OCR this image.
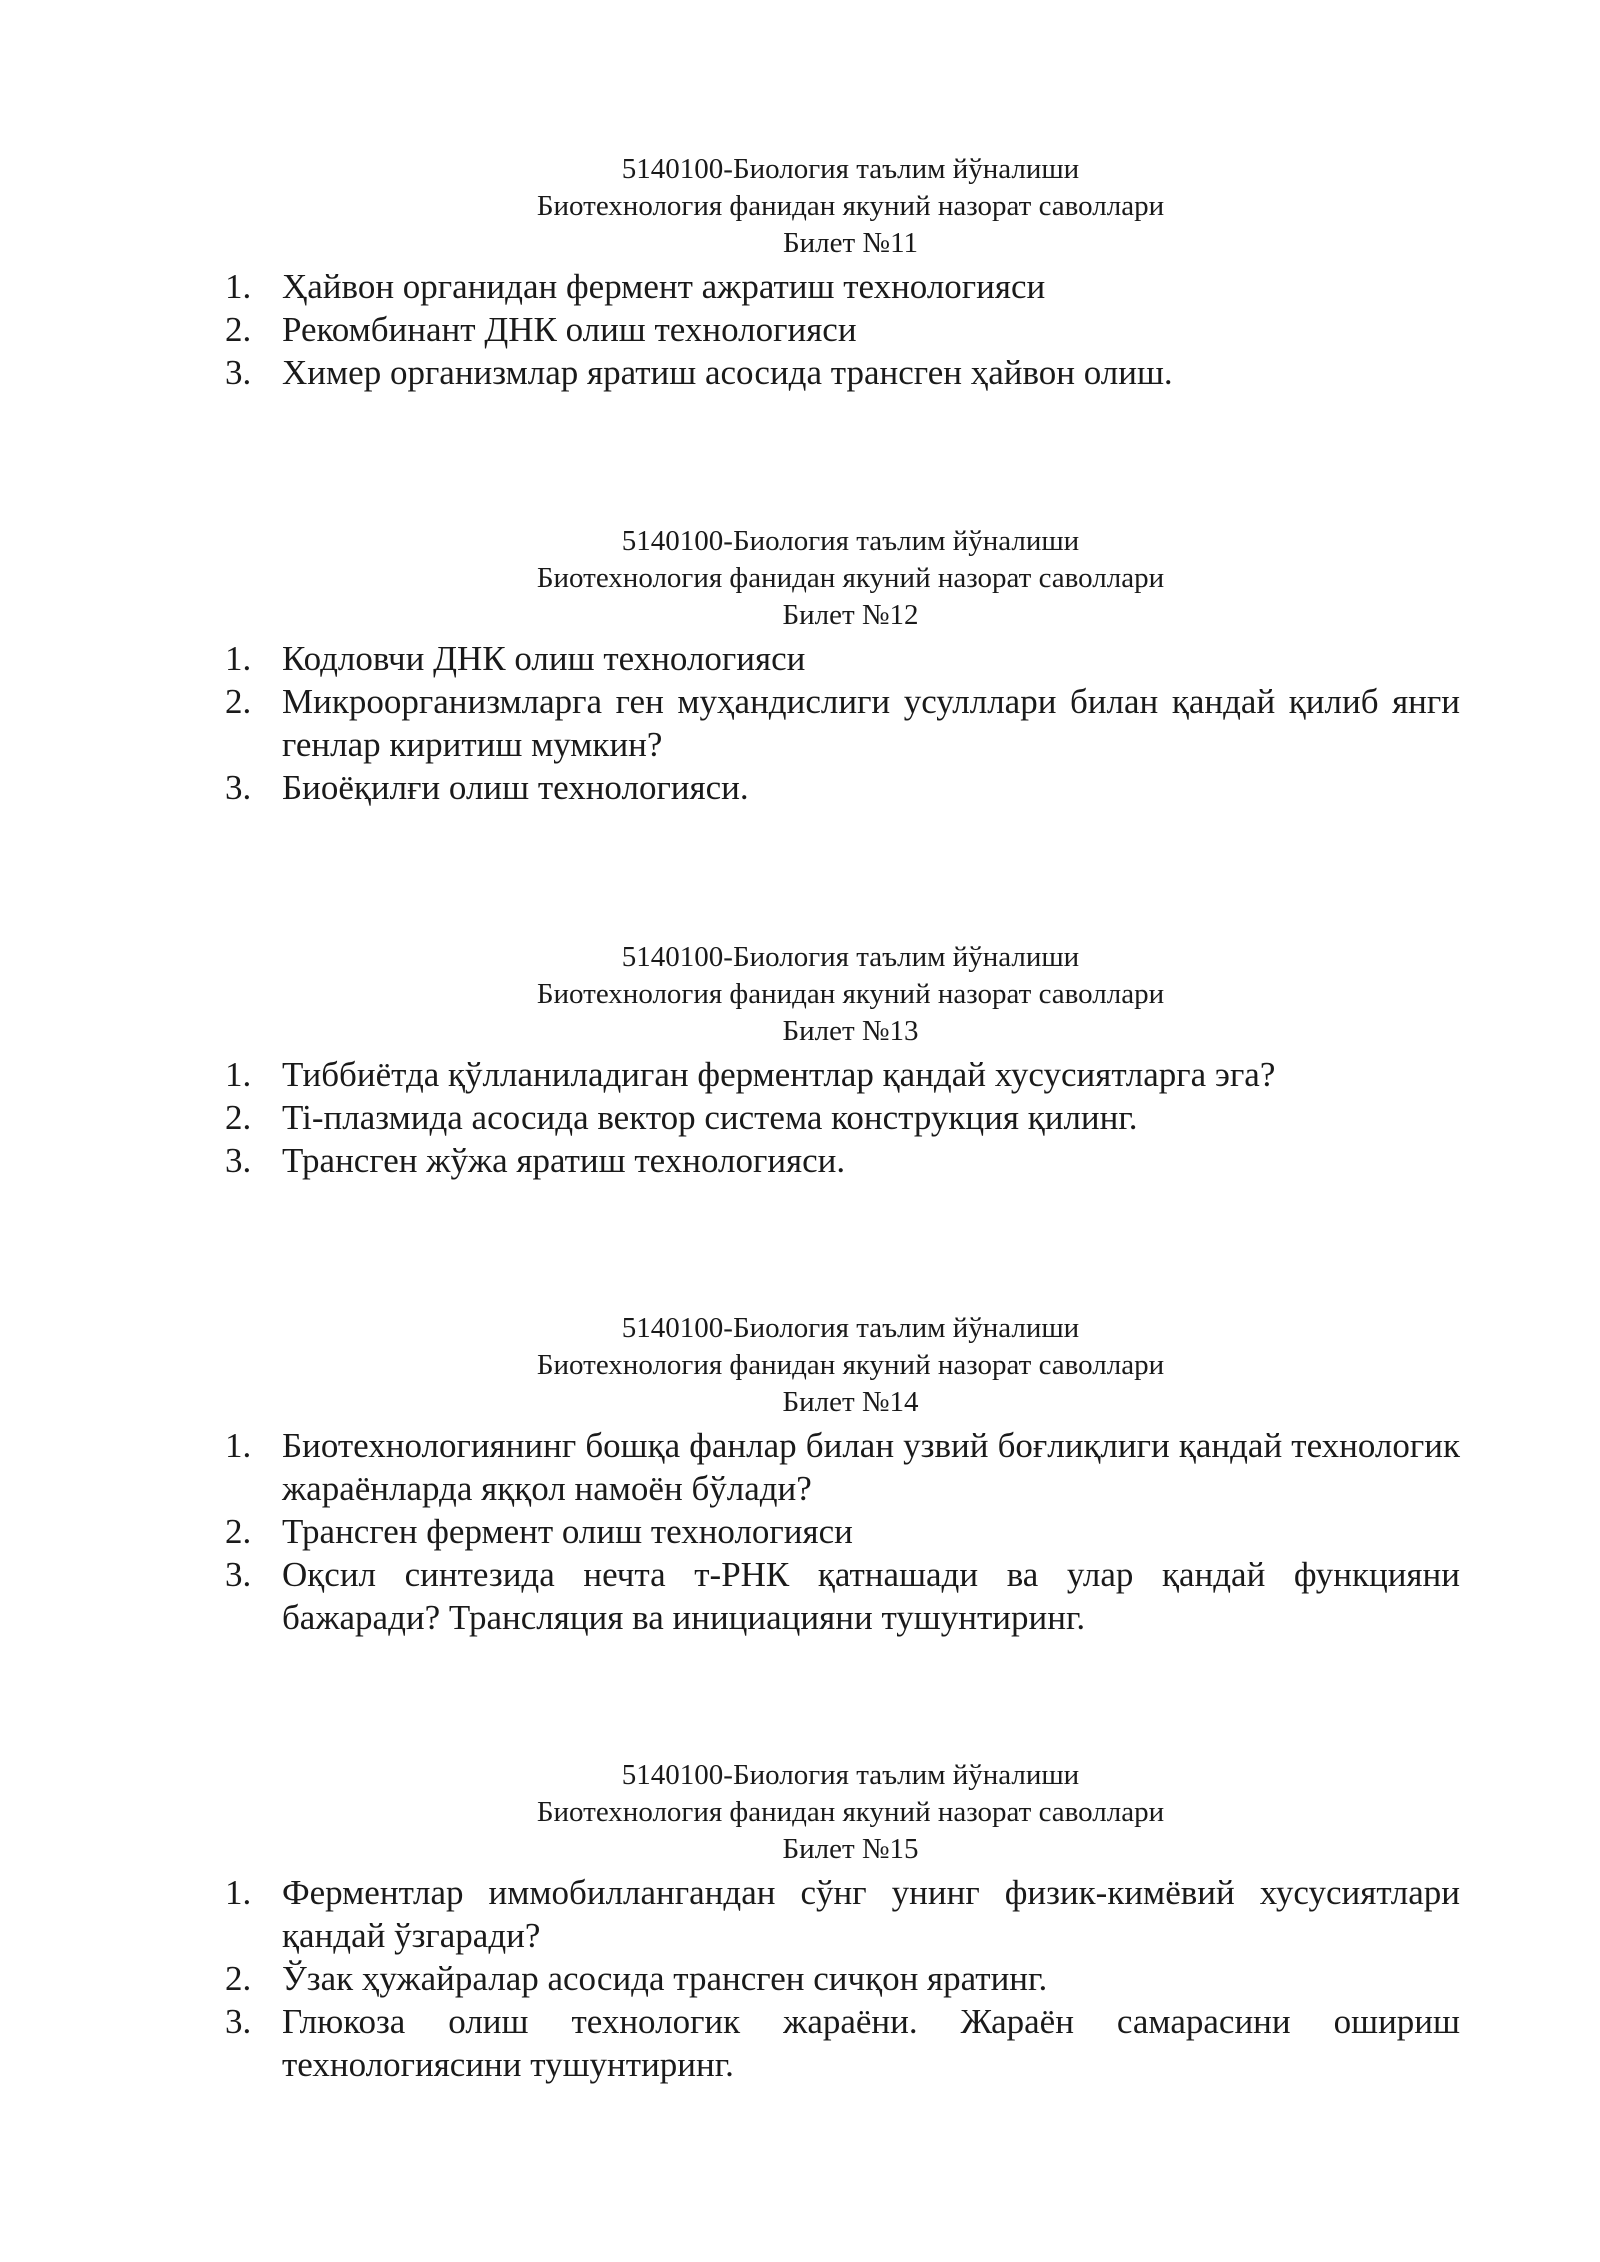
5140100-Биология таълим йўналиши
Биотехнология фанидан якуний назорат саволлари
Билет №11
1. Ҳайвон органидан фермент ажратиш технологияси
2. Рекомбинант ДНК олиш технологияси
3. Химер организмлар яратиш асосида трансген ҳайвон олиш.
5140100-Биология таълим йўналиши
Биотехнология фанидан якуний назорат саволлари
Билет №12
1. Кодловчи ДНК олиш технологияси
2. Микроорганизмларга ген муҳандислиги усулллари билан қандай қилиб янги генлар киритиш мумкин?
3. Биоёқилғи олиш технологияси.
5140100-Биология таълим йўналиши
Биотехнология фанидан якуний назорат саволлари
Билет №13
1. Тиббиётда қўлланиладиган ферментлар қандай хусусиятларга эга?
2. Ti-плазмида асосида вектор система конструкция қилинг.
3. Трансген жўжа яратиш технологияси.
5140100-Биология таълим йўналиши
Биотехнология фанидан якуний назорат саволлари
Билет №14
1. Биотехнологиянинг бошқа фанлар билан узвий боғлиқлиги қандай технологик жараёнларда яққол намоён бўлади?
2. Трансген фермент олиш технологияси
3. Оқсил синтезида нечта т-РНК қатнашади ва улар қандай функцияни бажаради? Трансляция ва инициацияни тушунтиринг.
5140100-Биология таълим йўналиши
Биотехнология фанидан якуний назорат саволлари
Билет №15
1. Ферментлар иммобиллангандан сўнг унинг физик-кимёвий хусусиятлари қандай ўзгаради?
2. Ўзак ҳужайралар асосида трансген сичқон яратинг.
3. Глюкоза олиш технологик жараёни. Жараён самарасини ошириш технологиясини тушунтиринг.
